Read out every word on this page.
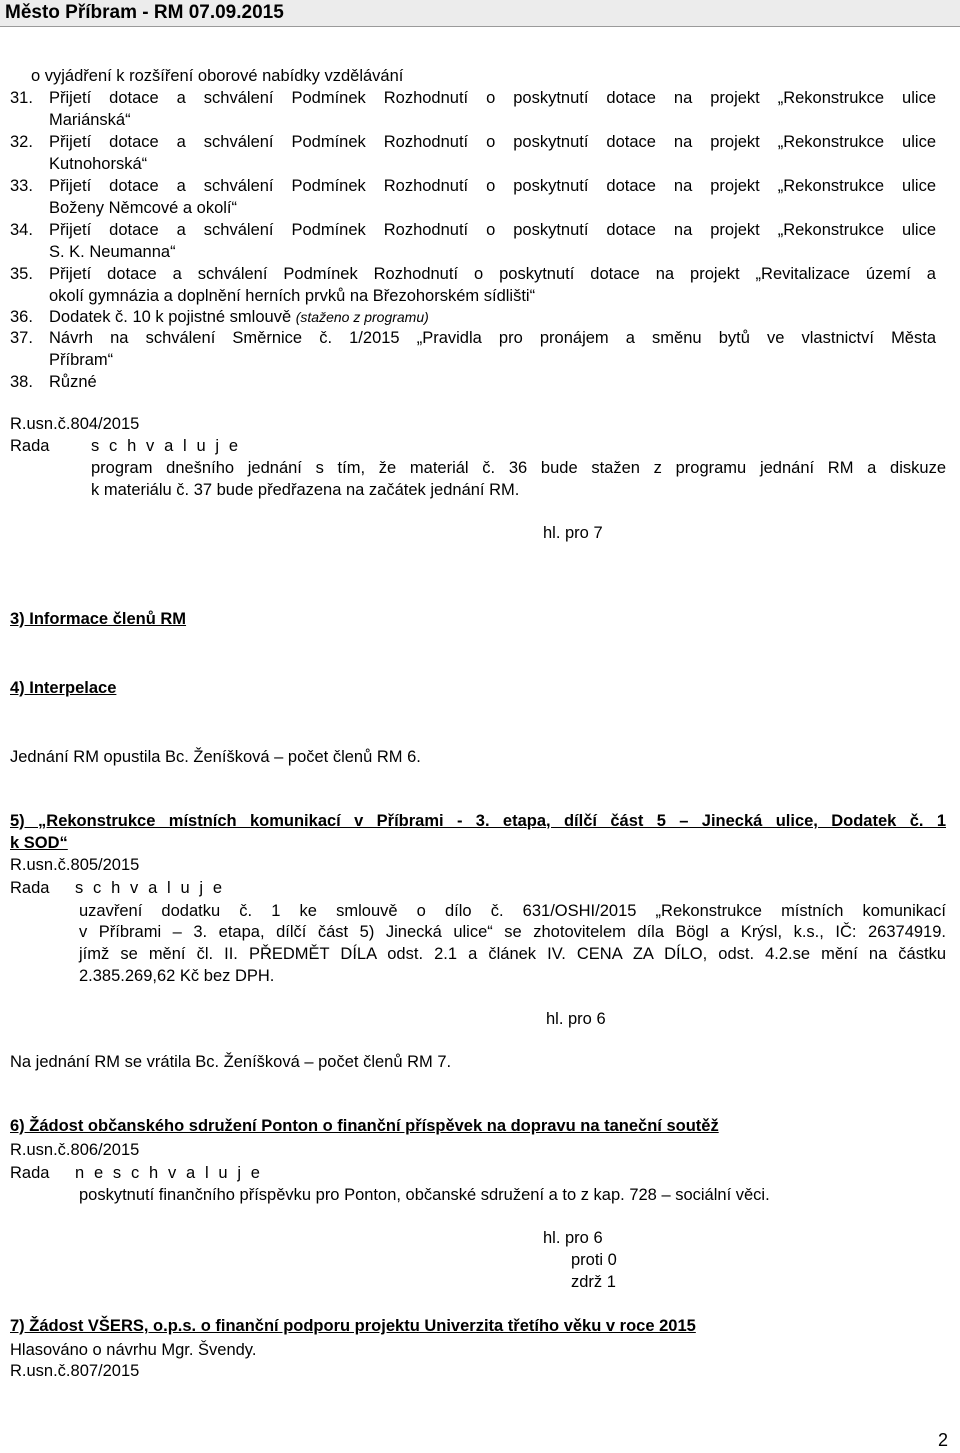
Město Příbram - RM 07.09.2015
o vyjádření k rozšíření oborové nabídky vzdělávání
31. Přijetí dotace a schválení Podmínek Rozhodnutí o poskytnutí dotace na projekt „Rekonstrukce ulice
Mariánská“
32. Přijetí dotace a schválení Podmínek Rozhodnutí o poskytnutí dotace na projekt „Rekonstrukce ulice
Kutnohorská“
33. Přijetí dotace a schválení Podmínek Rozhodnutí o poskytnutí dotace na projekt „Rekonstrukce ulice
Boženy Němcové a okolí“
34. Přijetí dotace a schválení Podmínek Rozhodnutí o poskytnutí dotace na projekt „Rekonstrukce ulice
S. K. Neumanna“
35. Přijetí dotace a schválení Podmínek Rozhodnutí o poskytnutí dotace na projekt „Revitalizace území a
okolí gymnázia a doplnění herních prvků na Březohorském sídlišti“
36. Dodatek č. 10 k pojistné smlouvě (staženo z programu)
37. Návrh na schválení Směrnice č. 1/2015 „Pravidla pro pronájem a směnu bytů ve vlastnictví Města
Příbram“
38. Různé
R.usn.č.804/2015
Rada	s c h v a l u j e
program dnešního jednání s tím, že materiál č. 36 bude stažen z programu jednání RM a diskuze
k materiálu č. 37 bude předřazena na začátek jednání RM.
hl. pro 7
3) Informace členů RM
4) Interpelace
Jednání RM opustila Bc. Ženíšková – počet členů RM 6.
5) „Rekonstrukce místních komunikací v Příbrami - 3. etapa, dílčí část 5 – Jinecká ulice, Dodatek č. 1
k SOD“
R.usn.č.805/2015
Rada s c h v a l u j e
uzavření dodatku č. 1 ke smlouvě o dílo č. 631/OSHI/2015 „Rekonstrukce místních komunikací
v Příbrami – 3. etapa, dílčí část 5) Jinecká ulice“ se zhotovitelem díla Bögl a Krýsl, k.s., IČ: 26374919.
jímž se mění čl. II. PŘEDMĚT DÍLA odst. 2.1 a článek IV. CENA ZA DÍLO, odst. 4.2.se mění na částku
2.385.269,62 Kč bez DPH.
hl. pro 6
Na jednání RM se vrátila Bc. Ženíšková – počet členů RM 7.
6) Žádost občanského sdružení Ponton o finanční příspěvek na dopravu na taneční soutěž
R.usn.č.806/2015
Rada n e s c h v a l u j e
poskytnutí finančního příspěvku pro Ponton, občanské sdružení a to z kap. 728 – sociální věci.
hl. pro 6
proti 0
zdrž 1
7) Žádost VŠERS, o.p.s. o finanční podporu projektu Univerzita třetího věku v roce 2015
Hlasováno o návrhu Mgr. Švendy.
R.usn.č.807/2015
2
